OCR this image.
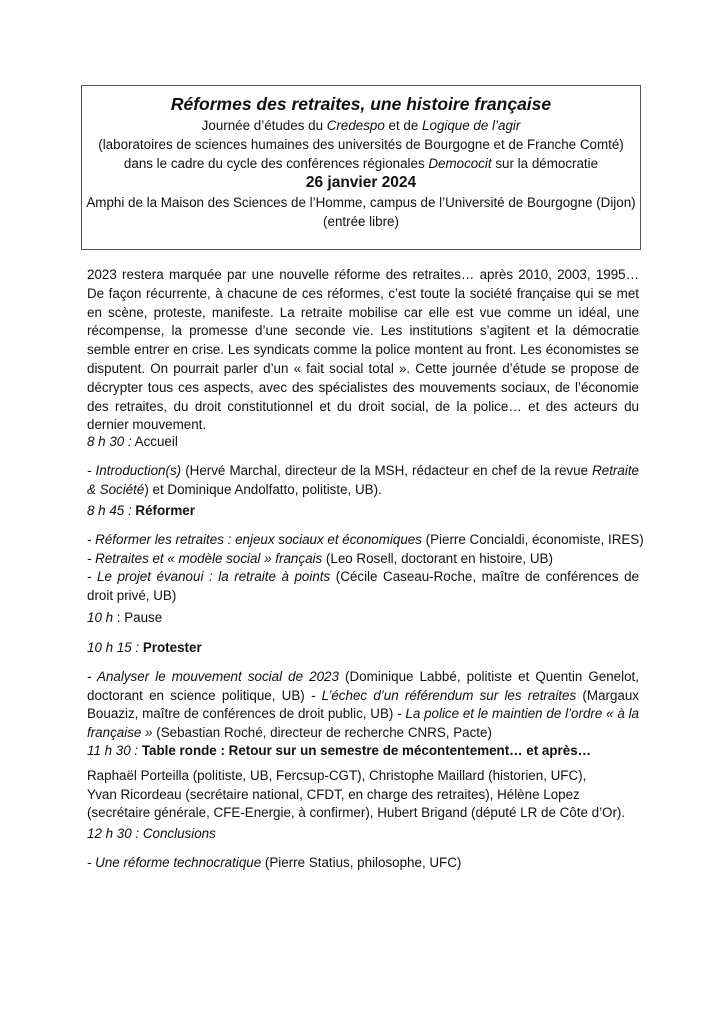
Réformes des retraites, une histoire française
Journée d’études du Credespo et de Logique de l’agir
(laboratoires de sciences humaines des universités de Bourgogne et de Franche Comté)
dans le cadre du cycle des conférences régionales Demococit sur la démocratie
26 janvier 2024
Amphi de la Maison des Sciences de l’Homme, campus de l’Université de Bourgogne (Dijon)
(entrée libre)
2023 restera marquée par une nouvelle réforme des retraites… après 2010, 2003, 1995… De façon récurrente, à chacune de ces réformes, c’est toute la société française qui se met en scène, proteste, manifeste. La retraite mobilise car elle est vue comme un idéal, une récompense, la promesse d’une seconde vie. Les institutions s’agitent et la démocratie semble entrer en crise. Les syndicats comme la police montent au front. Les économistes se disputent. On pourrait parler d’un « fait social total ». Cette journée d’étude se propose de décrypter tous ces aspects, avec des spécialistes des mouvements sociaux, de l’économie des retraites, du droit constitutionnel et du droit social, de la police… et des acteurs du dernier mouvement.

8 h 30 : Accueil

- Introduction(s) (Hervé Marchal, directeur de la MSH, rédacteur en chef de la revue Retraite & Société) et Dominique Andolfatto, politiste, UB).

8 h 45 : Réformer

- Réformer les retraites : enjeux sociaux et économiques (Pierre Concialdi, économiste, IRES)

- Retraites et « modèle social » français (Leo Rosell, doctorant en histoire, UB)

- Le projet évanoui : la retraite à points (Cécile Caseau-Roche, maître de conférences de droit privé, UB)

10 h : Pause

10 h 15 : Protester

- Analyser le mouvement social de 2023 (Dominique Labbé, politiste et Quentin Genelot, doctorant en science politique, UB) - L’échec d’un référendum sur les retraites (Margaux Bouaziz, maître de conférences de droit public, UB) - La police et le maintien de l’ordre « à la française » (Sebastian Roché, directeur de recherche CNRS, Pacte)

11 h 30 : Table ronde : Retour sur un semestre de mécontentement… et après…

Raphaël Porteilla (politiste, UB, Fercsup-CGT), Christophe Maillard (historien, UFC),

Yvan Ricordeau (secrétaire national, CFDT, en charge des retraites), Hélène Lopez (secrétaire générale, CFE-Energie, à confirmer), Hubert Brigand (député LR de Côte d’Or).

12 h 30 : Conclusions

- Une réforme technocratique (Pierre Statius, philosophe, UFC)
